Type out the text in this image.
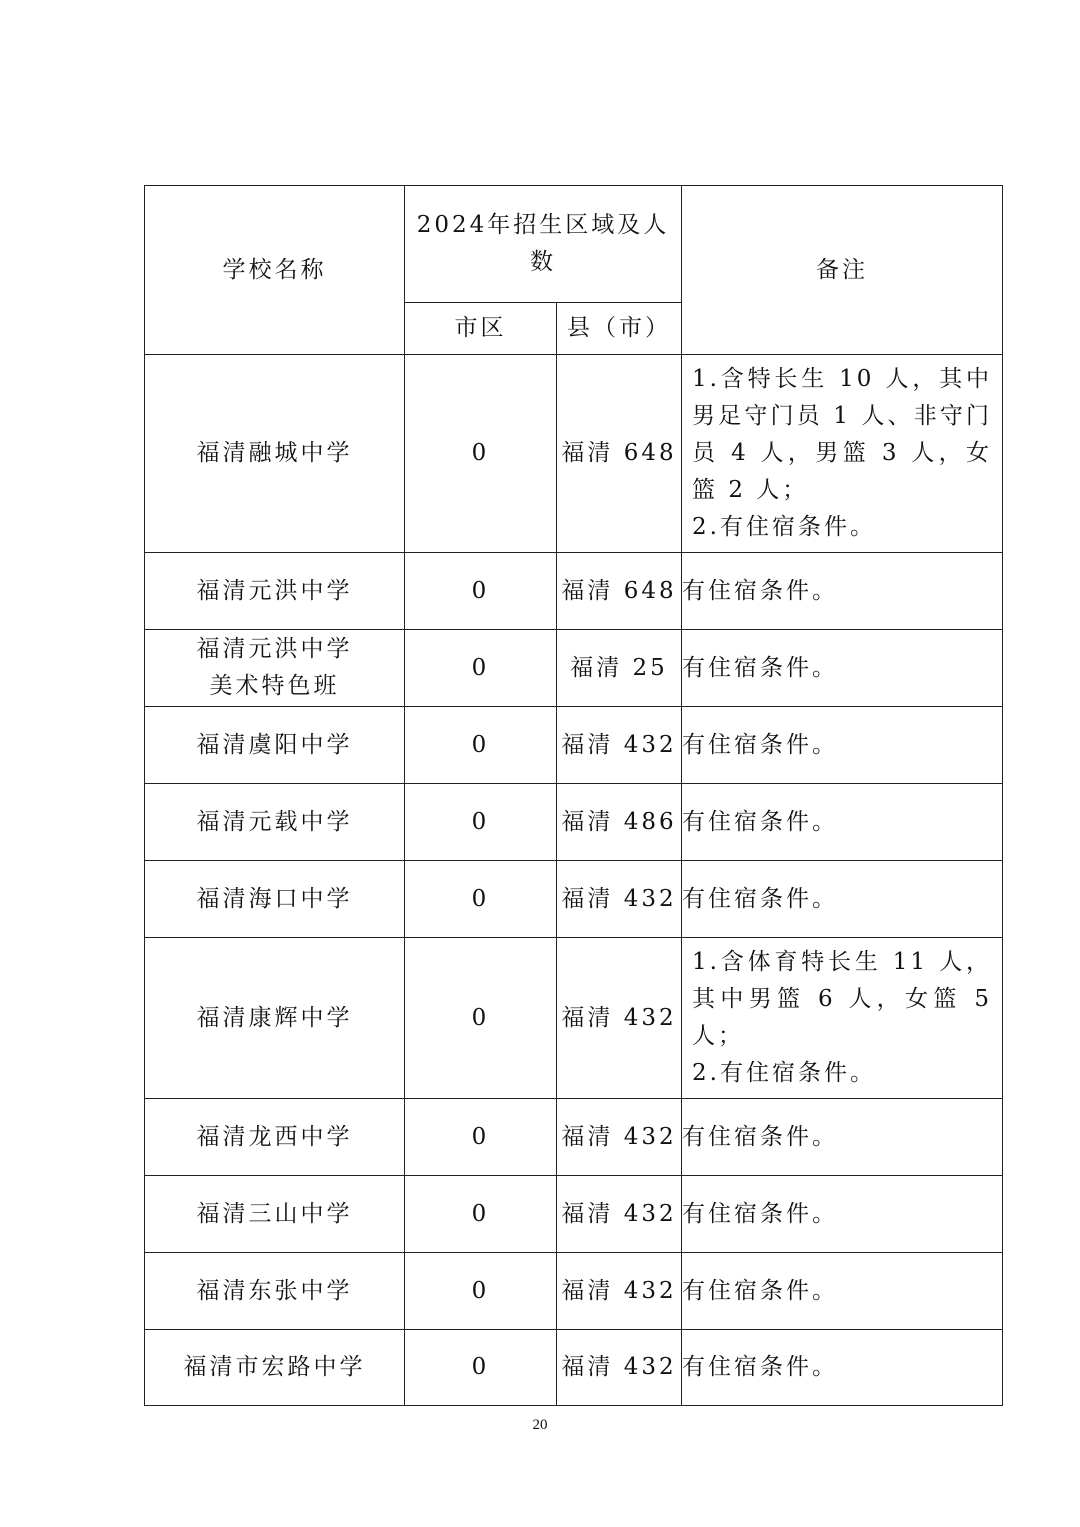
学校名称	2024年招生区域及人数		备注
	市区	县（市）	

福清融城中学	0	福清 648	1.含特长生 10 人，其中男足守门员 1 人、非守门员 4 人，男篮 3 人，女篮 2 人；
2.有住宿条件。

福清元洪中学	0	福清 648	有住宿条件。

福清元洪中学
美术特色班	0	福清 25	有住宿条件。

福清虞阳中学	0	福清 432	有住宿条件。

福清元载中学	0	福清 486	有住宿条件。

福清海口中学	0	福清 432	有住宿条件。

福清康辉中学	0	福清 432	1.含体育特长生 11 人，其中男篮 6 人，女篮 5 人；
2.有住宿条件。

福清龙西中学	0	福清 432	有住宿条件。

福清三山中学	0	福清 432	有住宿条件。

福清东张中学	0	福清 432	有住宿条件。

福清市宏路中学	0	福清 432	有住宿条件。
20
